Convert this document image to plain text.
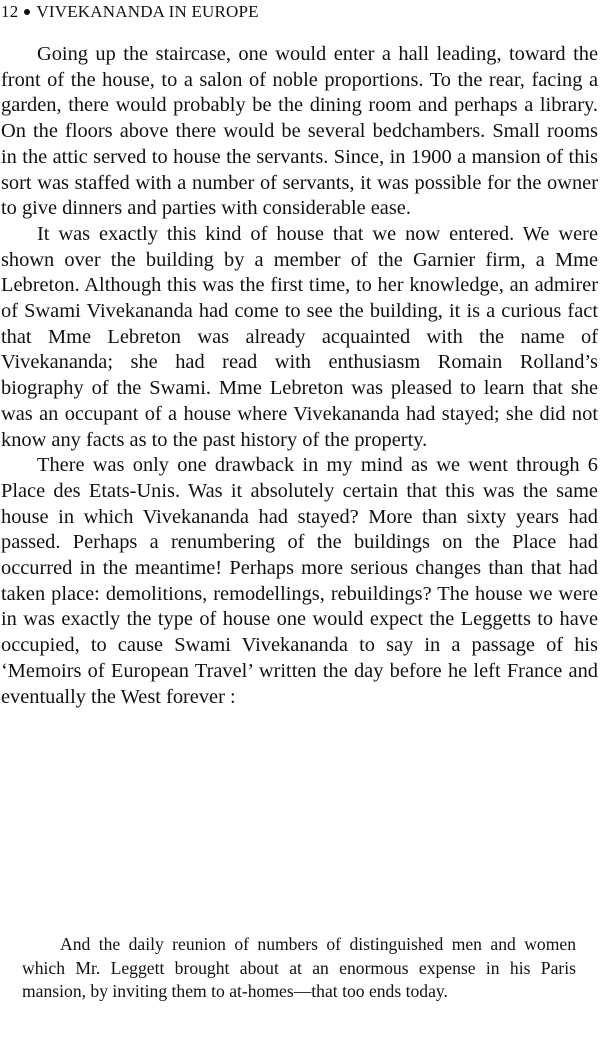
12 VIVEKANANDA IN EUROPE

Going up the staircase, one would enter a hall leading, toward the front of the house, to a salon of noble proportions. To the rear, facing a garden, there would probably be the dining room and perhaps a library. On the floors above there would be several bedchambers. Small rooms in the attic served to house the servants. Since, in 1900 a mansion of this sort was staffed with a number of servants, it was possible for the owner to give dinners and parties with considerable ease.

It was exactly this kind of house that we now entered. We were shown over the building by a member of the Garnier firm, a Mme Lebreton. Although this was the first time, to her knowledge, an admirer of Swami Vivekananda had come to see the building, it is a curious fact that Mme Lebreton was already acquainted with the name of Vivekananda; she had read with enthusiasm Romain Rolland’s biography of the Swami. Mme Lebreton was pleased to learn that she was an occupant of a house where Vivekananda had stayed; she did not know any facts as to the past history of the property.

There was only one drawback in my mind as we went through 6 Place des Etats-Unis. Was it absolutely certain that this was the same house in which Vivekananda had stayed? More than sixty years had passed. Perhaps a renumbering of the buildings on the Place had occurred in the meantime! Perhaps more serious changes than that had taken place: demolitions, remodellings, rebuildings? The house we were in was exactly the type of house one would expect the Leggetts to have occupied, to cause Swami Vivekananda to say in a passage of his ‘Memoirs of European Travel’ written the day before he left France and eventually the West forever :

And the daily reunion of numbers of distinguished men and women which Mr. Leggett brought about at an enormous expense in his Paris mansion, by inviting them to at-homes—that too ends today.
